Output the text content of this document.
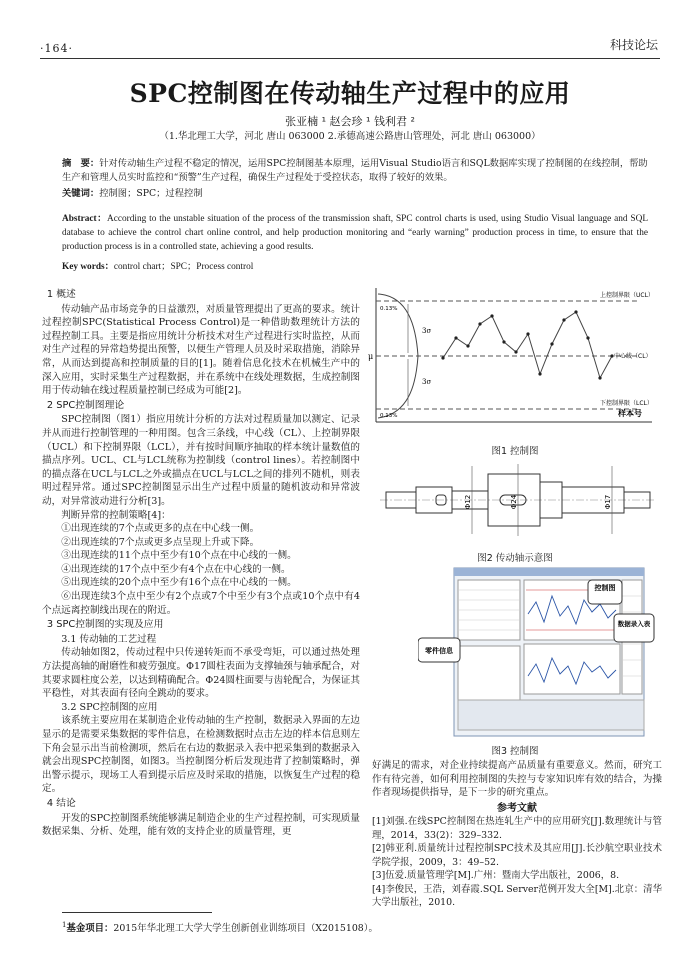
·164·	科技论坛
SPC控制图在传动轴生产过程中的应用
张亚楠 ¹ 赵会珍 ¹ 钱利君 ²
（1.华北理工大学，河北 唐山 063000 2.承德高速公路唐山管理处，河北 唐山 063000）
摘　要：针对传动轴生产过程不稳定的情况，运用SPC控制图基本原理，运用Visual Studio语言和SQL数据库实现了控制图的在线控制，帮助生产和管理人员实时监控和“预警”生产过程，确保生产过程处于受控状态，取得了较好的效果。
关键词：控制图；SPC；过程控制
Abstract：According to the unstable situation of the process of the transmission shaft, SPC control charts is used, using Studio Visual language and SQL database to achieve the control chart online control, and help production monitoring and “early warning” production process in time, to ensure that the production process is in a controlled state, achieving a good results.
Key words：control chart；SPC；Process control

1 概述

传动轴产品市场竞争的日益激烈，对质量管理提出了更高的要求。统计过程控制SPC(Statistical Process Control)是一种借助数理统计方法的过程控制工具。主要是指应用统计分析技术对生产过程进行实时监控，从而对生产过程的异常趋势提出预警，以便生产管理人员及时采取措施，消除异常，从而达到提高和控制质量的目的[1]。随着信息化技术在机械生产中的深入应用，实时采集生产过程数据，并在系统中在线处理数据，生成控制图用于传动轴在线过程质量控制已经成为可能[2]。

2 SPC控制图理论

SPC控制图（图1）指应用统计分析的方法对过程质量加以测定、记录并从而进行控制管理的一种用图。包含三条线，中心线（CL）、上控制界限（UCL）和下控制界限（LCL），并有按时间顺序抽取的样本统计量数值的描点序列。UCL、CL与LCL统称为控制线（control lines）。若控制图中的描点落在UCL与LCL之外或描点在UCL与LCL之间的排列不随机，则表明过程异常。通过SPC控制图显示出生产过程中质量的随机波动和异常波动，对异常波动进行分析[3]。

判断异常的控制策略[4]：

①出现连续的7个点或更多的点在中心线一侧。

②出现连续的7个点或更多点呈现上升或下降。

③出现连续的11个点中至少有10个点在中心线的一侧。

④出现连续的17个点中至少有4个点在中心线的一侧。

⑤出现连续的20个点中至少有16个点在中心线的一侧。

⑥出现连续3个点中至少有2个点或7个中至少有3个点或10个点中有4个点远离控制线出现在的附近。

3 SPC控制图的实现及应用

3.1 传动轴的工艺过程

传动轴如图2，传动过程中只传递转矩而不承受弯矩，可以通过热处理方法提高轴的耐磨性和疲劳强度。Φ17圆柱表面为支撑轴颈与轴承配合，对其要求圆柱度公差，以达到精确配合。Φ24圆柱面要与齿轮配合，为保证其平稳性，对其表面有径向全跳动的要求。

3.2 SPC控制图的应用

该系统主要应用在某制造企业传动轴的生产控制，数据录入界面的左边显示的是需要采集数据的零件信息，在检测数据时点击左边的样本信息则左下角会显示出当前检测项，然后在右边的数据录入表中把采集到的数据录入就会出现SPC控制图，如图3。当控制图分析后发现违背了控制策略时，弹出警示提示，现场工人看到提示后应及时采取的措施，以恢复生产过程的稳定。

4 结论

开发的SPC控制图系统能够满足制造企业的生产过程控制，可实现质量数据采集、分析、处理，能有效的支持企业的质量管理，更

3σ
3σ
上控制界限（UCL）
中心线（CL）
下控制界限（LCL）
μ
0.13%
0.13%	样本号
图1 控制图
Φ12	Φ24	Φ17
图2 传动轴示意图
控制图
数据录入表
零件信息
图3 控制图

好满足的需求，对企业持续提高产品质量有重要意义。然而，研究工作有待完善，如何利用控制图的失控与专家知识库有效的结合，为操作者现场提供指导，是下一步的研究重点。

参考文献
[1]刘强.在线SPC控制图在热连轧生产中的应用研究[J].数理统计与管理，2014，33(2)：329–332.
[2]韩亚利.质量统计过程控制SPC技术及其应用[J].长沙航空职业技术学院学报，2009，3：49–52.
[3]伍爱.质量管理学[M].广州：暨南大学出版社，2006，8.
[4]李俊民，王浩，刘春霞.SQL Server范例开发大全[M].北京：清华大学出版社，2010.
$^1$基金项目：2015年华北理工大学大学生创新创业训练项目（X2015108）。
